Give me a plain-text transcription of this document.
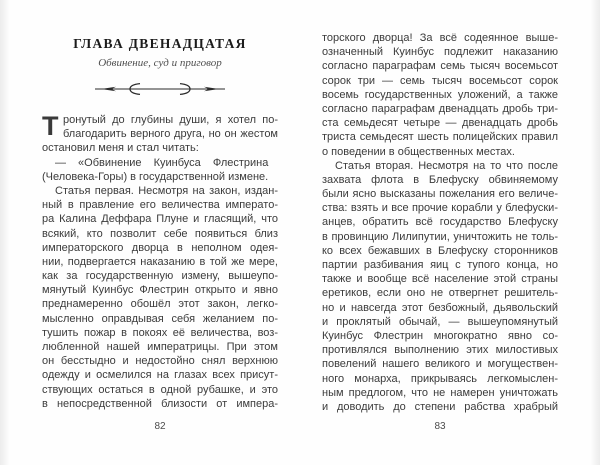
ГЛАВА ДВЕНАДЦАТАЯ
Обвинение, суд и приговор
Т ронутый до глубины души, я хотел по-
благодарить верного друга, но он жестом
остановил меня и стал читать:
— «Обвинение Куинбуса Флестрина
(Человека-Горы) в государственной измене.
Статья первая. Несмотря на закон, издан-
ный в правление его величества императо-
ра Калина Деффара Плуне и гласящий, что
всякий, кто позволит себе появиться близ
императорского дворца в неполном одея-
нии, подвергается наказанию в той же мере,
как за государственную измену, вышеупо-
мянутый Куинбус Флестрин открыто и явно
преднамеренно обошёл этот закон, легко-
мысленно оправдывая себя желанием по-
тушить пожар в покоях её величества, воз-
любленной нашей императрицы. При этом
он бесстыдно и недостойно снял верхнюю
одежду и осмелился на глазах всех присут-
ствующих остаться в одной рубашке, и это
в непосредственной близости от импера-
82
торского дворца! За всё содеянное выше-
означенный Куинбус подлежит наказанию
согласно параграфам семь тысяч восемьсот
сорок три — семь тысяч восемьсот сорок
восемь государственных уложений, а также
согласно параграфам двенадцать дробь три-
ста семьдесят четыре — двенадцать дробь
триста семьдесят шесть полицейских правил
о поведении в общественных местах.
Статья вторая. Несмотря на то что после
захвата флота в Блефуску обвиняемому
были ясно высказаны пожелания его величе-
ства: взять и все прочие корабли у блефуски-
анцев, обратить всё государство Блефуску
в провинцию Лилипутии, уничтожить не толь-
ко всех бежавших в Блефуску сторонников
партии разбивания яиц с тупого конца, но
также и вообще всё население этой страны
еретиков, если оно не отвергнет решитель-
но и навсегда этот безбожный, дьявольский
и проклятый обычай, — вышеупомянутый
Куинбус Флестрин многократно явно со-
противлялся выполнению этих милостивых
повелений нашего великого и могуществен-
ного монарха, прикрываясь легкомыслен-
ным предлогом, что не намерен уничтожать
и доводить до степени рабства храбрый
83
